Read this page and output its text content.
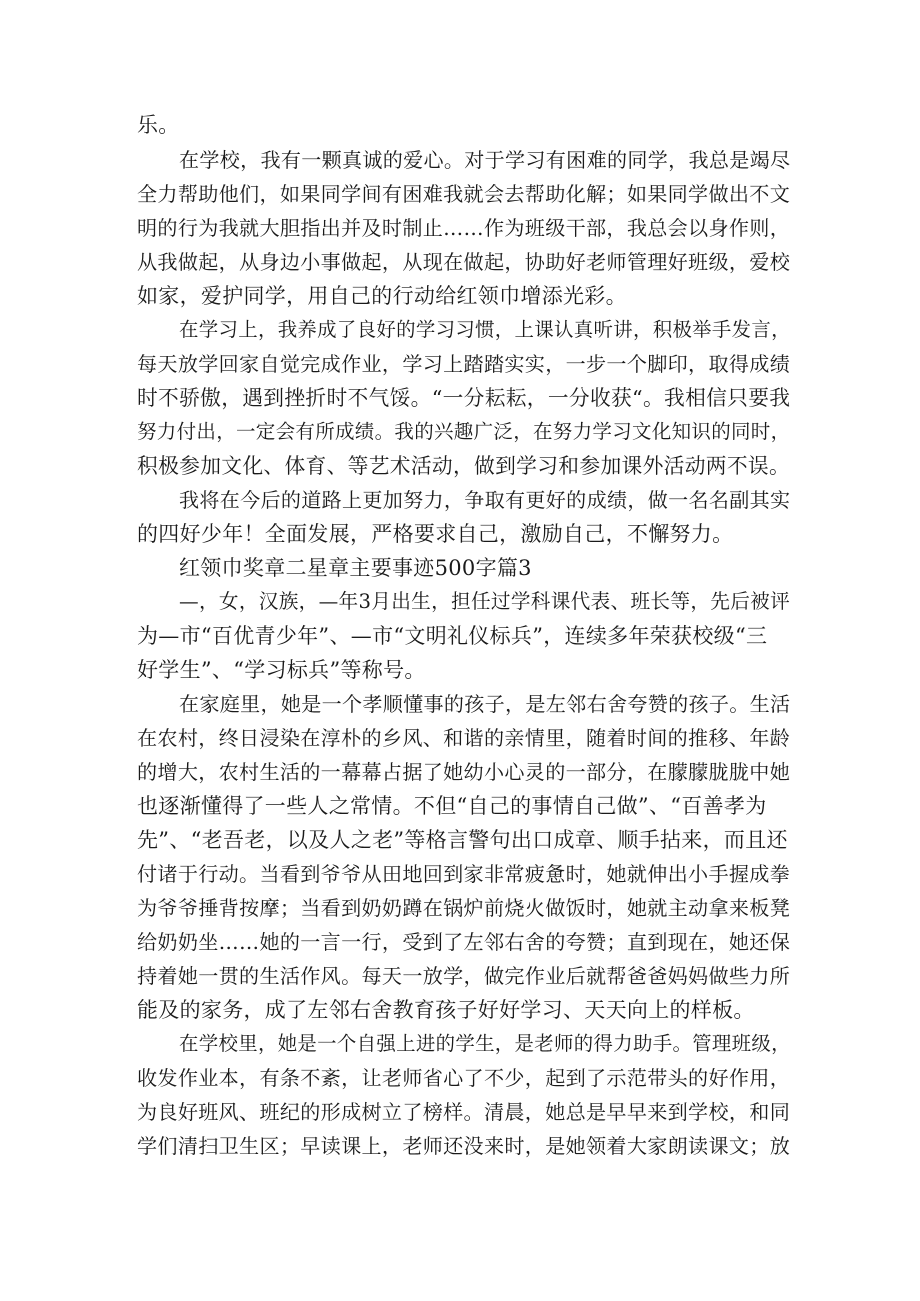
乐。
在学校，我有一颗真诚的爱心。对于学习有困难的同学，我总是竭尽
全力帮助他们，如果同学间有困难我就会去帮助化解；如果同学做出不文
明的行为我就大胆指出并及时制止……作为班级干部，我总会以身作则，
从我做起，从身边小事做起，从现在做起，协助好老师管理好班级，爱校
如家，爱护同学，用自己的行动给红领巾增添光彩。
在学习上，我养成了良好的学习习惯，上课认真听讲，积极举手发言，
每天放学回家自觉完成作业，学习上踏踏实实，一步一个脚印，取得成绩
时不骄傲，遇到挫折时不气馁。“一分耘耘，一分收获“。我相信只要我
努力付出，一定会有所成绩。我的兴趣广泛，在努力学习文化知识的同时，
积极参加文化、体育、等艺术活动，做到学习和参加课外活动两不误。
我将在今后的道路上更加努力，争取有更好的成绩，做一名名副其实
的四好少年！全面发展，严格要求自己，激励自己，不懈努力。
红领巾奖章二星章主要事迹500字篇3
—，女，汉族，—年3月出生，担任过学科课代表、班长等，先后被评
为—市“百优青少年”、—市“文明礼仪标兵”，连续多年荣获校级“三
好学生”、“学习标兵”等称号。
在家庭里，她是一个孝顺懂事的孩子，是左邻右舍夸赞的孩子。生活
在农村，终日浸染在淳朴的乡风、和谐的亲情里，随着时间的推移、年龄
的增大，农村生活的一幕幕占据了她幼小心灵的一部分，在朦朦胧胧中她
也逐渐懂得了一些人之常情。不但“自己的事情自己做”、“百善孝为
先”、“老吾老，以及人之老”等格言警句出口成章、顺手拈来，而且还
付诸于行动。当看到爷爷从田地回到家非常疲惫时，她就伸出小手握成拳
为爷爷捶背按摩；当看到奶奶蹲在锅炉前烧火做饭时，她就主动拿来板凳
给奶奶坐……她的一言一行，受到了左邻右舍的夸赞；直到现在，她还保
持着她一贯的生活作风。每天一放学，做完作业后就帮爸爸妈妈做些力所
能及的家务，成了左邻右舍教育孩子好好学习、天天向上的样板。
在学校里，她是一个自强上进的学生，是老师的得力助手。管理班级，
收发作业本，有条不紊，让老师省心了不少，起到了示范带头的好作用，
为良好班风、班纪的形成树立了榜样。清晨，她总是早早来到学校，和同
学们清扫卫生区；早读课上，老师还没来时，是她领着大家朗读课文；放
